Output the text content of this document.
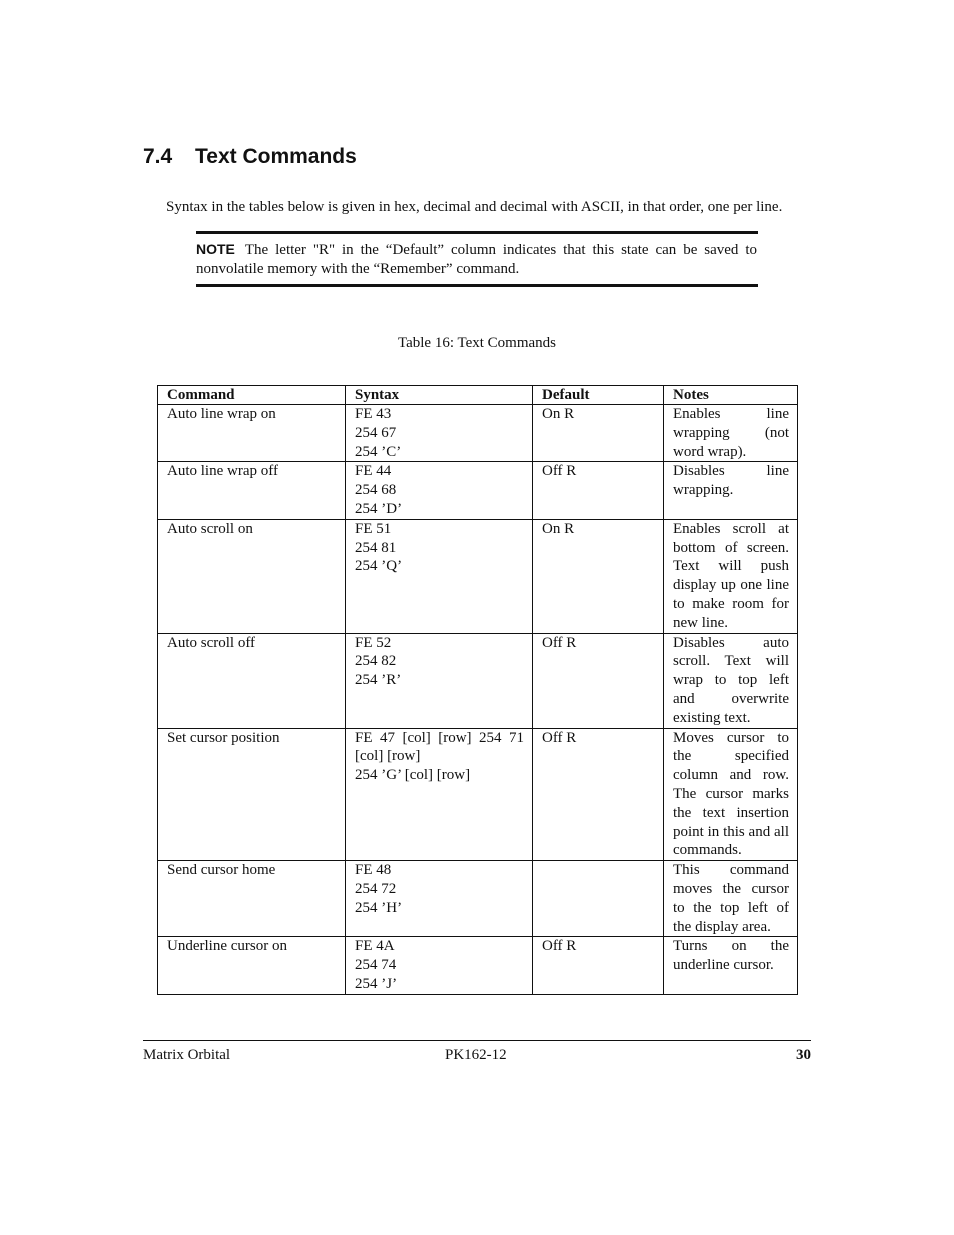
7.4 Text Commands

Syntax in the tables below is given in hex, decimal and decimal with ASCII, in that order, one per line.

NOTE The letter "R" in the “Default” column indicates that this state can be saved to nonvolatile memory with the “Remember” command.

Table 16: Text Commands

Command	Syntax	Default	Notes
Auto line wrap on	FE 43
254 67
254 ’C’	On R	Enables line wrapping (not word wrap).
Auto line wrap off	FE 44
254 68
254 ’D’	Off R	Disables line wrapping.
Auto scroll on	FE 51
254 81
254 ’Q’	On R	Enables scroll at bottom of screen. Text will push display up one line to make room for new line.
Auto scroll off	FE 52
254 82
254 ’R’	Off R	Disables auto scroll. Text will wrap to top left and overwrite existing text.
Set cursor position	FE 47 [col] [row] 254 71 [col] [row]
254 ’G’ [col] [row]	Off R	Moves cursor to the specified column and row. The cursor marks the text insertion point in this and all commands.
Send cursor home	FE 48
254 72
254 ’H’		This command moves the cursor to the top left of the display area.
Underline cursor on	FE 4A
254 74
254 ’J’	Off R	Turns on the underline cursor.
Matrix Orbital	PK162-12	30
